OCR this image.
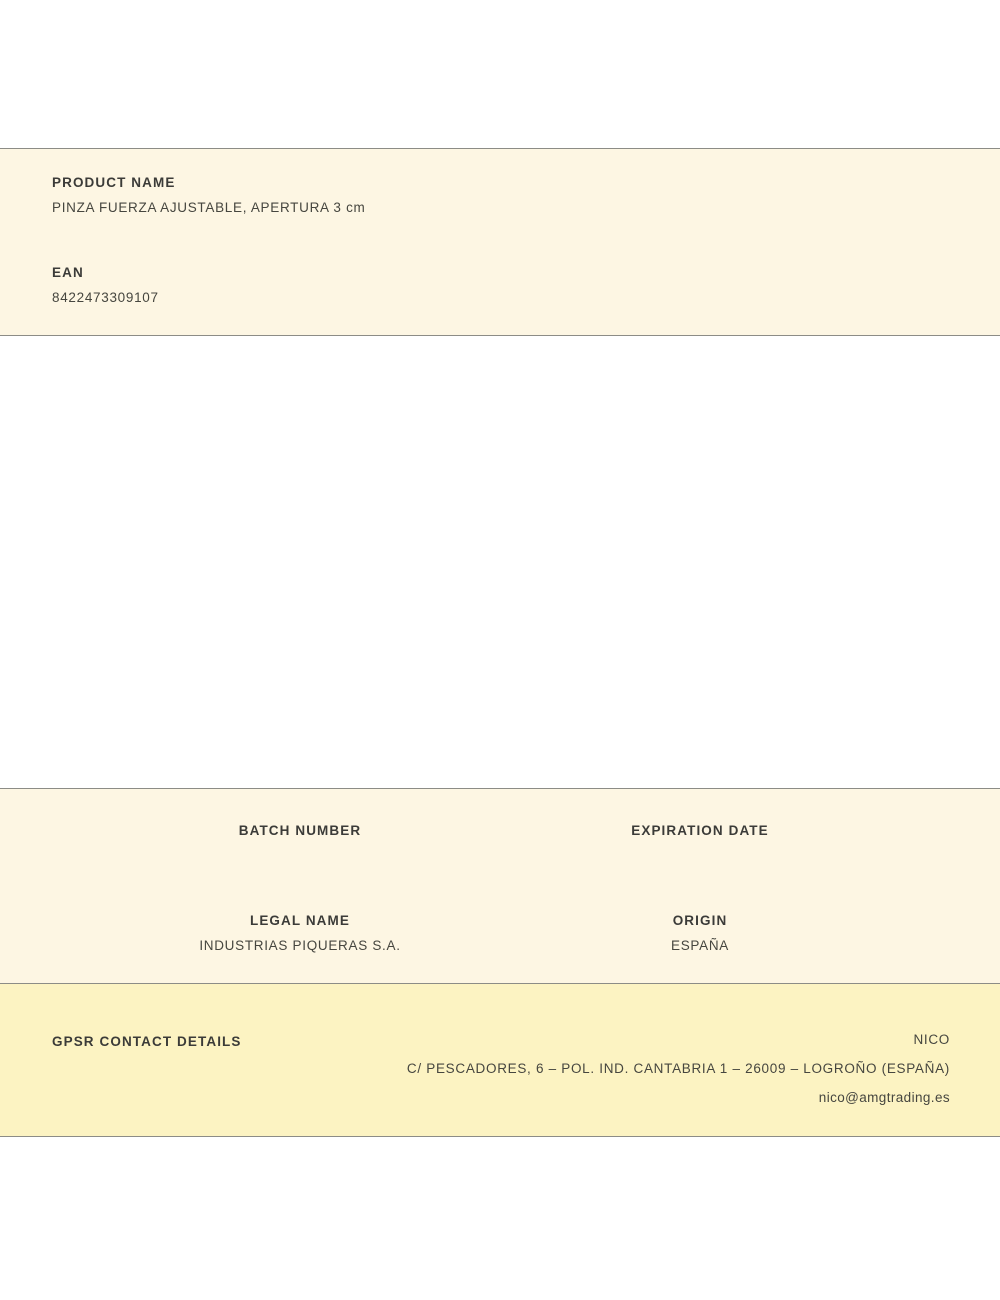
PRODUCT NAME

PINZA FUERZA AJUSTABLE, APERTURA 3 cm

EAN

8422473309107

BATCH NUMBER	EXPIRATION DATE

LEGAL NAME

INDUSTRIAS PIQUERAS S.A.

ORIGIN

ESPAÑA

GPSR CONTACT DETAILS	NICO

C/ PESCADORES, 6 – POL. IND. CANTABRIA 1 – 26009 – LOGROÑO (ESPAÑA)

nico@amgtrading.es
